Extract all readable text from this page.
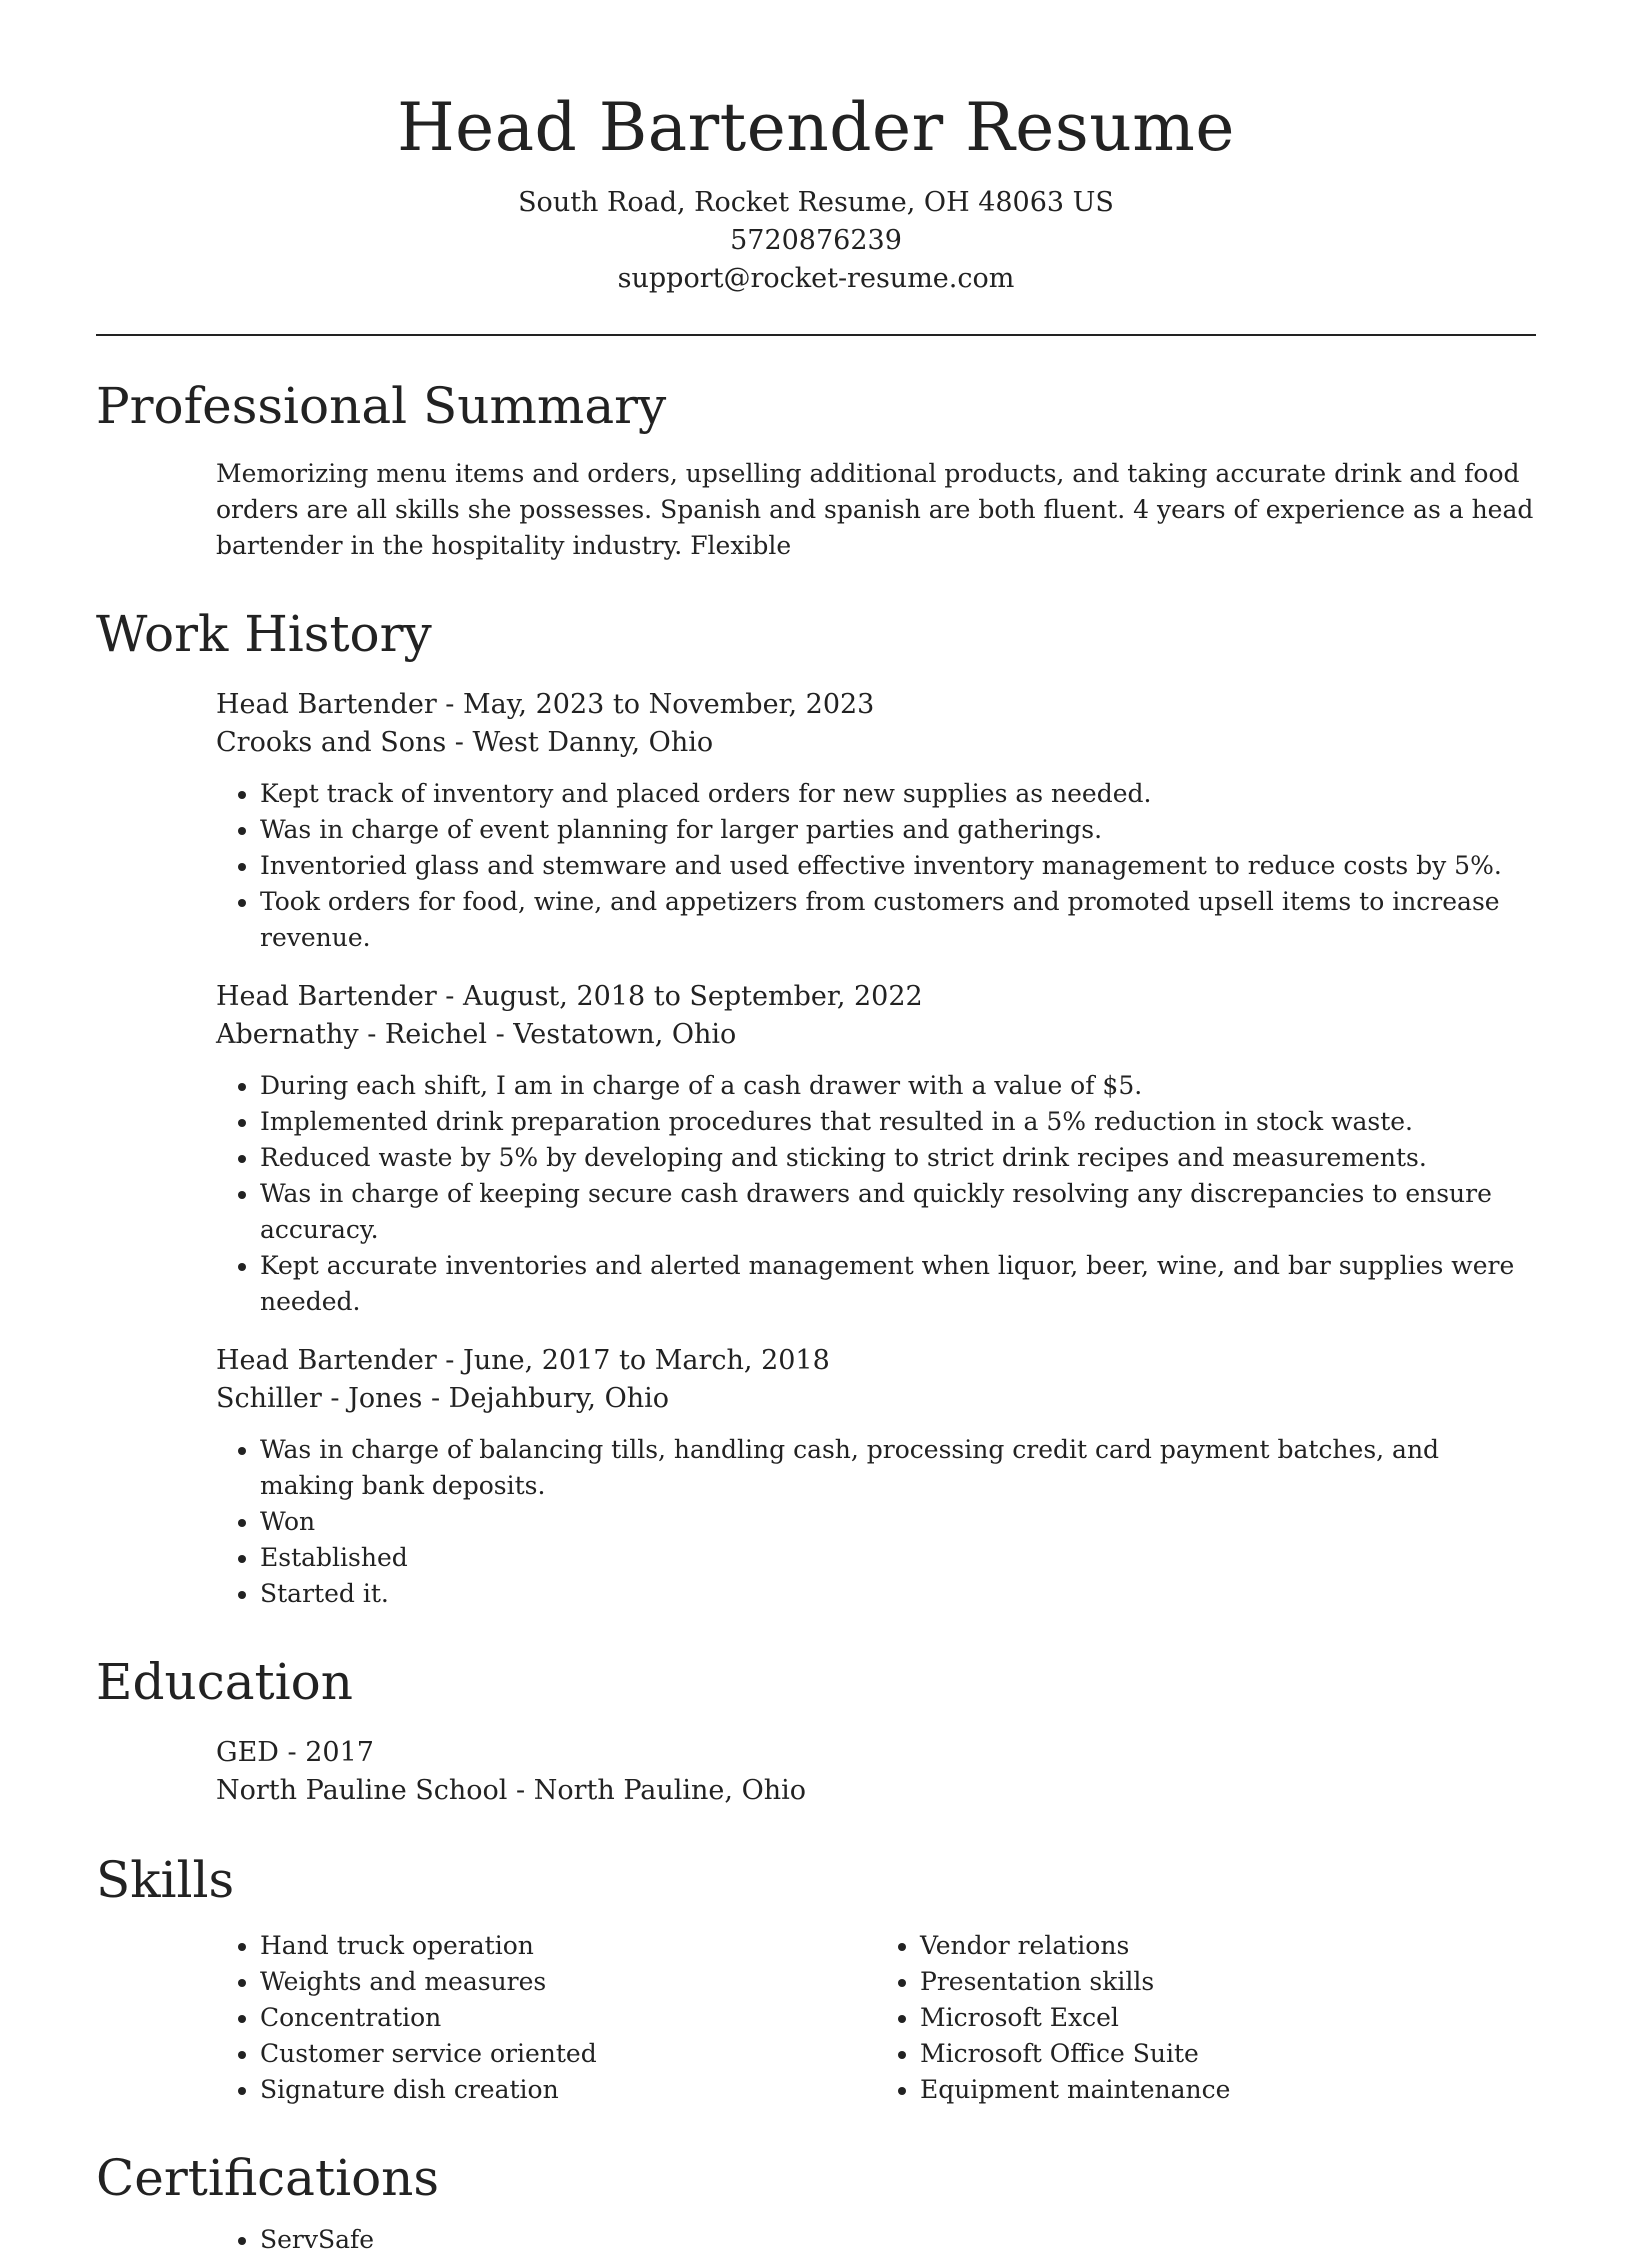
Head Bartender Resume

South Road, Rocket Resume, OH 48063 US

5720876239

support@rocket-resume.com

Professional Summary

Memorizing menu items and orders, upselling additional products, and taking accurate drink and food orders are all skills she possesses. Spanish and spanish are both fluent. 4 years of experience as a head bartender in the hospitality industry. Flexible

Work History

Head Bartender - May, 2023 to November, 2023

Crooks and Sons - West Danny, Ohio

• Kept track of inventory and placed orders for new supplies as needed.
• Was in charge of event planning for larger parties and gatherings.
• Inventoried glass and stemware and used effective inventory management to reduce costs by 5%.
• Took orders for food, wine, and appetizers from customers and promoted upsell items to increase revenue.

Head Bartender - August, 2018 to September, 2022

Abernathy - Reichel - Vestatown, Ohio

• During each shift, I am in charge of a cash drawer with a value of $5.
• Implemented drink preparation procedures that resulted in a 5% reduction in stock waste.
• Reduced waste by 5% by developing and sticking to strict drink recipes and measurements.
• Was in charge of keeping secure cash drawers and quickly resolving any discrepancies to ensure accuracy.
• Kept accurate inventories and alerted management when liquor, beer, wine, and bar supplies were needed.

Head Bartender - June, 2017 to March, 2018

Schiller - Jones - Dejahbury, Ohio

• Was in charge of balancing tills, handling cash, processing credit card payment batches, and making bank deposits.
• Won
• Established
• Started it.
Education

GED - 2017

North Pauline School - North Pauline, Ohio

Skills
• Hand truck operation
• Weights and measures
• Concentration
• Customer service oriented
• Signature dish creation
• Vendor relations
• Presentation skills
• Microsoft Excel
• Microsoft Office Suite
• Equipment maintenance
Certifications
• ServSafe
